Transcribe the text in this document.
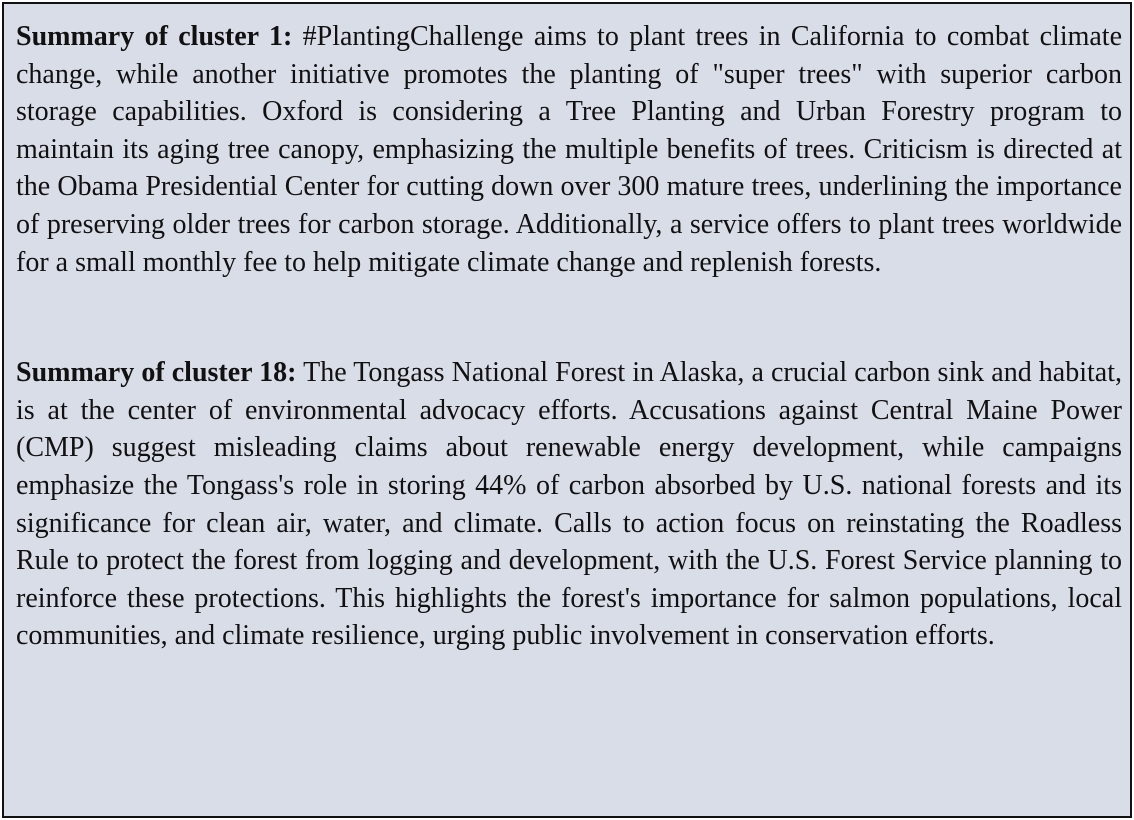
Summary of cluster 1: #PlantingChallenge aims to plant trees in California to combat climate change, while another initiative promotes the planting of "super trees" with superior carbon storage capabilities. Oxford is considering a Tree Planting and Urban Forestry program to maintain its aging tree canopy, emphasizing the multiple benefits of trees. Criticism is directed at the Obama Presidential Center for cutting down over 300 mature trees, underlining the importance of preserving older trees for carbon storage. Additionally, a service offers to plant trees worldwide for a small monthly fee to help mitigate climate change and replenish forests.

Summary of cluster 18: The Tongass National Forest in Alaska, a crucial carbon sink and habitat, is at the center of environmental advocacy efforts. Accusations against Central Maine Power (CMP) suggest misleading claims about renewable energy development, while campaigns emphasize the Tongass's role in storing 44% of carbon absorbed by U.S. national forests and its significance for clean air, water, and climate. Calls to action focus on reinstating the Roadless Rule to protect the forest from logging and development, with the U.S. Forest Service planning to reinforce these protections. This highlights the forest's importance for salmon populations, local communities, and climate resilience, urging public involvement in conservation efforts.
